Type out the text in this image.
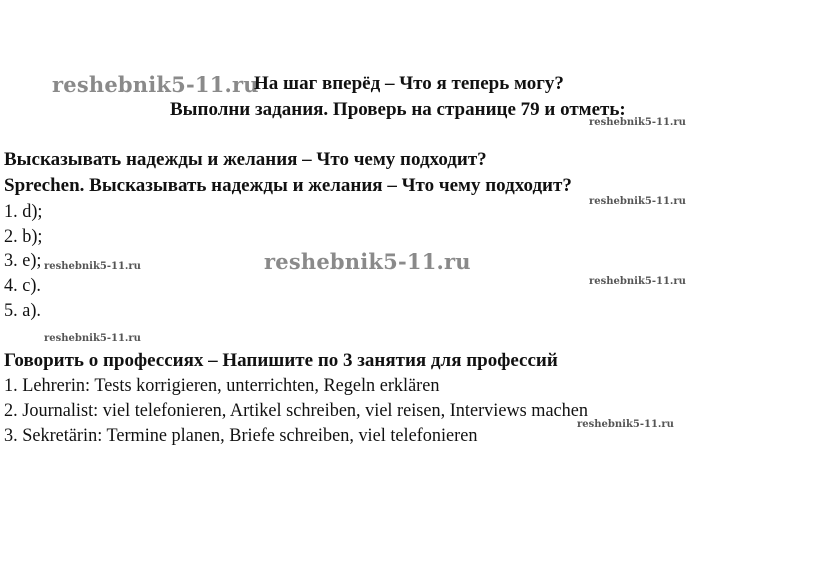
reshebnik5-11.ru
reshebnik5-11.ru
reshebnik5-11.ru
reshebnik5-11.ru
reshebnik5-11.ru
reshebnik5-11.ru
reshebnik5-11.ru
reshebnik5-11.ru
На шаг вперёд – Что я теперь могу?
Выполни задания. Проверь на странице 79 и отметь:
Высказывать надежды и желания – Что чему подходит?
Sprechen. Высказывать надежды и желания – Что чему подходит?
1. d);
2. b);
3. e);
4. c).
5. a).
Говорить о профессиях – Напишите по 3 занятия для профессий
1. Lehrerin: Tests korrigieren, unterrichten, Regeln erklären
2. Journalist: viel telefonieren, Artikel schreiben, viel reisen, Interviews machen
3. Sekretärin: Termine planen, Briefe schreiben, viel telefonieren
